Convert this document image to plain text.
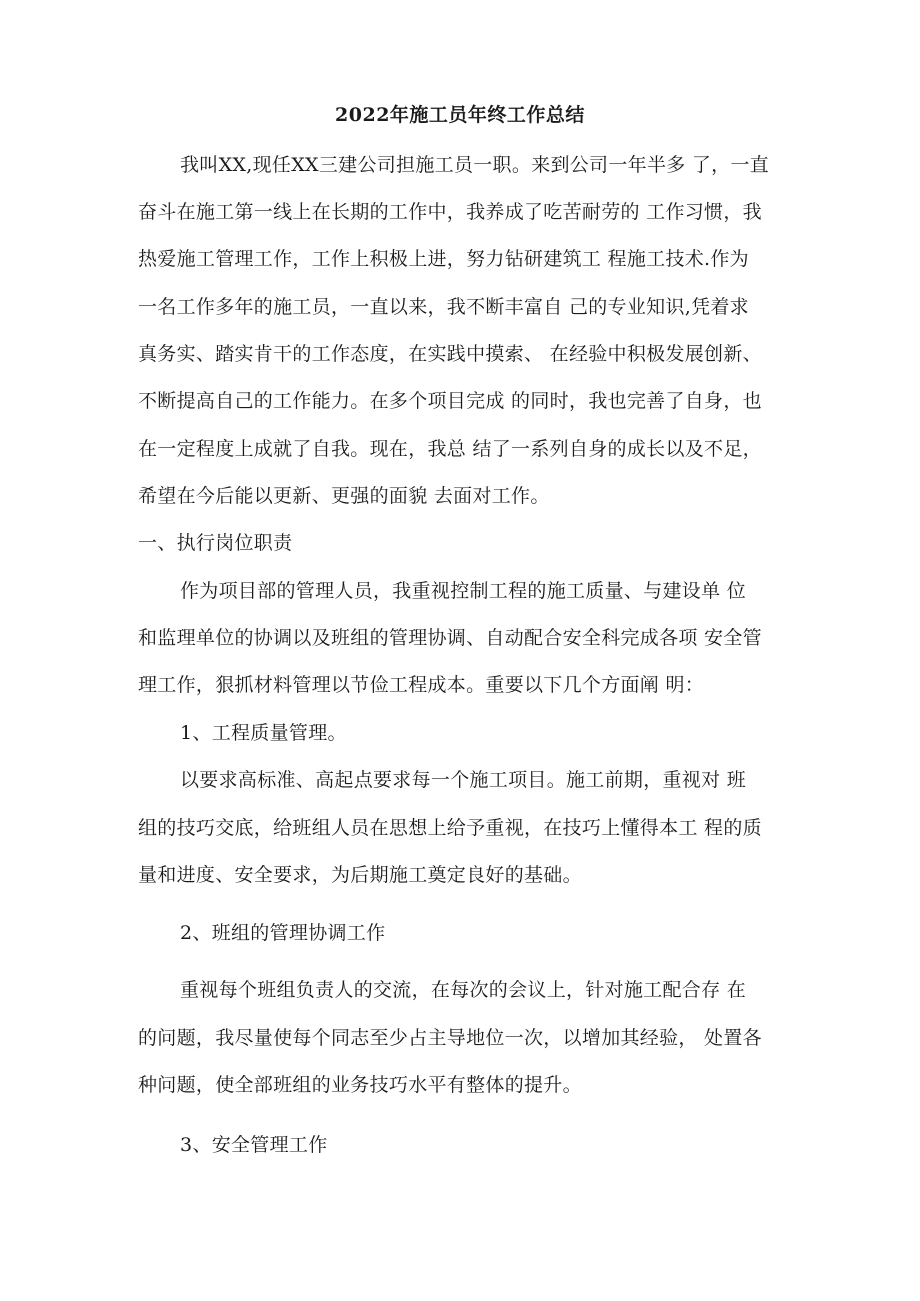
2022年施工员年终工作总结
我叫XX,现任XX三建公司担施工员一职。来到公司一年半多 了，一直
奋斗在施工第一线上在长期的工作中，我养成了吃苦耐劳的 工作习惯，我
热爱施工管理工作，工作上积极上进，努力钻研建筑工 程施工技术.作为
一名工作多年的施工员，一直以来，我不断丰富自 己的专业知识,凭着求
真务实、踏实肯干的工作态度，在实践中摸索、 在经验中积极发展创新、
不断提高自己的工作能力。在多个项目完成 的同时，我也完善了自身，也
在一定程度上成就了自我。现在，我总 结了一系列自身的成长以及不足，
希望在今后能以更新、更强的面貌 去面对工作。
一、执行岗位职责
作为项目部的管理人员，我重视控制工程的施工质量、与建设单 位
和监理单位的协调以及班组的管理协调、自动配合安全科完成各项 安全管
理工作，狠抓材料管理以节俭工程成本。重要以下几个方面阐 明：
1、工程质量管理。
以要求高标准、高起点要求每一个施工项目。施工前期，重视对 班
组的技巧交底，给班组人员在思想上给予重视，在技巧上懂得本工 程的质
量和进度、安全要求，为后期施工奠定良好的基础。
2、班组的管理协调工作
重视每个班组负责人的交流，在每次的会议上，针对施工配合存 在
的问题，我尽量使每个同志至少占主导地位一次，以增加其经验， 处置各
种问题，使全部班组的业务技巧水平有整体的提升。
3、安全管理工作
